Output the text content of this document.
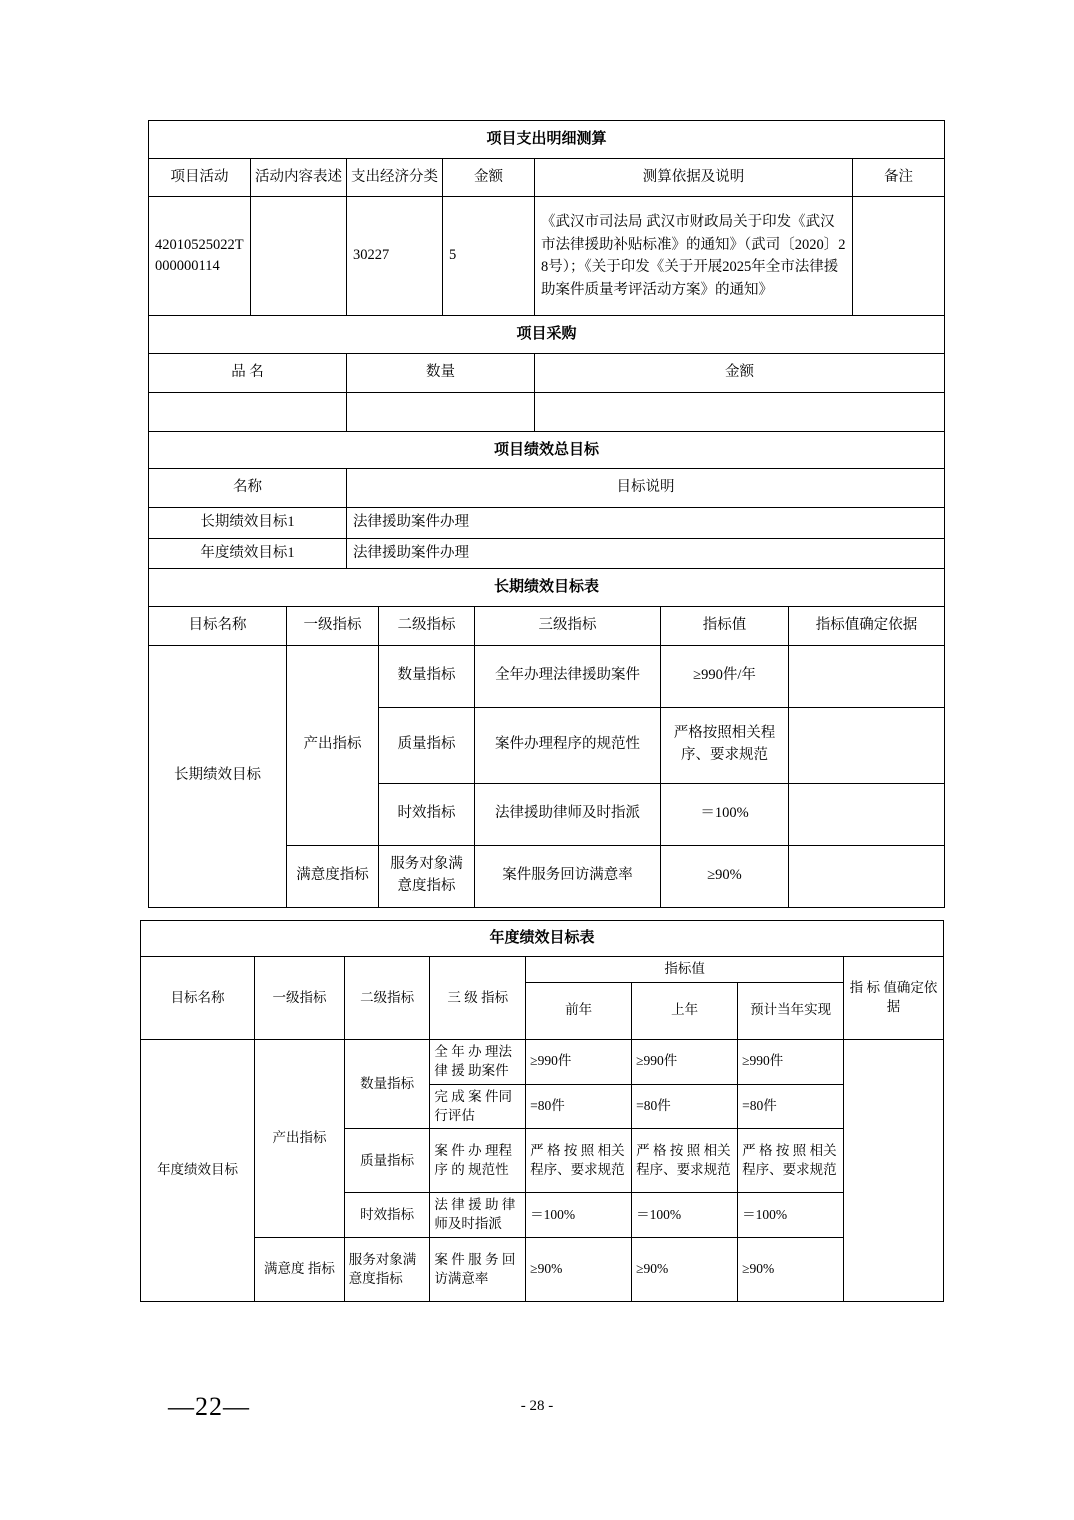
项目支出明细测算					
项目活动	活动内容表述	支出经济分类	金额	测算依据及说明	备注
42010525022T000000114		30227	5	《武汉市司法局 武汉市财政局关于印发《武汉市法律援助补贴标准》的通知》（武司〔2020〕28号）；《关于印发《关于开展2025年全市法律援助案件质量考评活动方案》的通知》	
项目采购					
品 名		数量		金额	

项目绩效总目标					
名称		目标说明			
长期绩效目标1		法律援助案件办理			
年度绩效目标1		法律援助案件办理			
长期绩效目标表					
目标名称	一级指标	二级指标	三级指标	指标值	指标值确定依据
长期绩效目标	产出指标	数量指标	全年办理法律援助案件	≥990件/年	
		质量指标	案件办理程序的规范性	严格按照相关程序、要求规范	
		时效指标	法律援助律师及时指派	＝100%	
	满意度指标	服务对象满意度指标	案件服务回访满意率	≥90%	
年度绩效目标表							
目标名称	一级指标	二级指标	三 级 指标	指标值			指 标 值确定依据
				前年	上年	预计当年实现	
年度绩效目标	产出指标	数量指标	全 年 办 理法 律 援 助案件	≥990件	≥990件	≥990件	
			完 成 案 件同行评估	=80件	=80件	=80件	
		质量指标	案 件 办 理程 序 的 规范性	严 格 按 照 相关程序、要求规范	严 格 按 照 相关程序、要求规范	严 格 按 照 相关程序、要求规范	
		时效指标	法 律 援 助 律师及时指派	＝100%	＝100%	＝100%	
	满意度 指标	服务对象满意度指标	案 件 服 务 回访满意率	≥90%	≥90%	≥90%	
—22—	- 28 -
